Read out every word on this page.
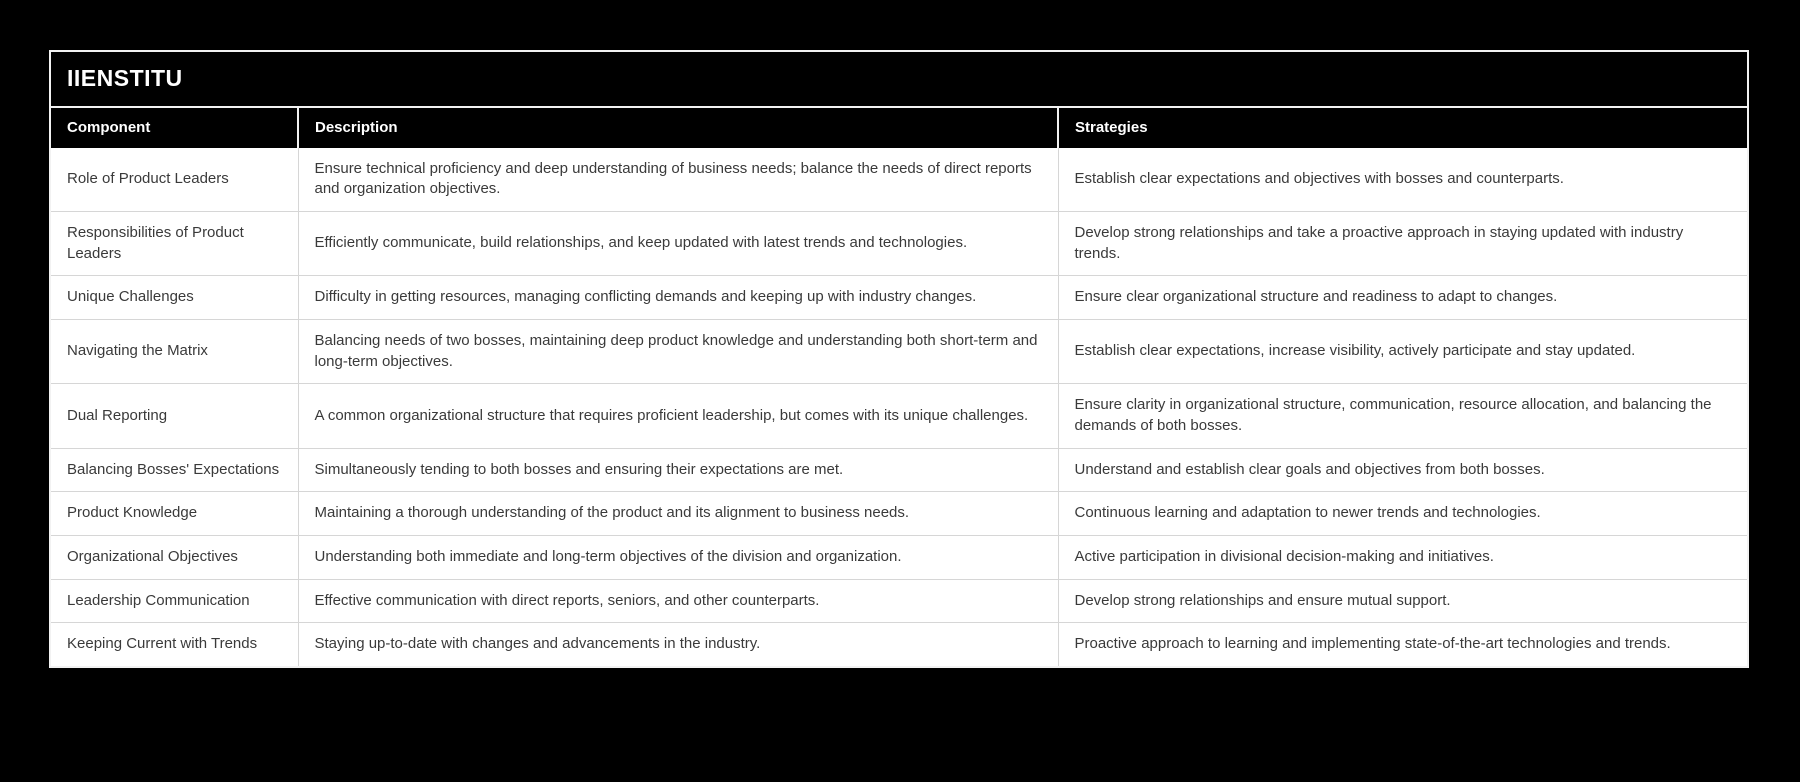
IIENSTITU
Component	Description	Strategies
Role of Product Leaders	Ensure technical proficiency and deep understanding of business needs; balance the needs of direct reports and organization objectives.	Establish clear expectations and objectives with bosses and counterparts.
Responsibilities of Product Leaders	Efficiently communicate, build relationships, and keep updated with latest trends and technologies.	Develop strong relationships and take a proactive approach in staying updated with industry trends.
Unique Challenges	Difficulty in getting resources, managing conflicting demands and keeping up with industry changes.	Ensure clear organizational structure and readiness to adapt to changes.
Navigating the Matrix	Balancing needs of two bosses, maintaining deep product knowledge and understanding both short-term and long-term objectives.	Establish clear expectations, increase visibility, actively participate and stay updated.
Dual Reporting	A common organizational structure that requires proficient leadership, but comes with its unique challenges.	Ensure clarity in organizational structure, communication, resource allocation, and balancing the demands of both bosses.
Balancing Bosses' Expectations	Simultaneously tending to both bosses and ensuring their expectations are met.	Understand and establish clear goals and objectives from both bosses.
Product Knowledge	Maintaining a thorough understanding of the product and its alignment to business needs.	Continuous learning and adaptation to newer trends and technologies.
Organizational Objectives	Understanding both immediate and long-term objectives of the division and organization.	Active participation in divisional decision-making and initiatives.
Leadership Communication	Effective communication with direct reports, seniors, and other counterparts.	Develop strong relationships and ensure mutual support.
Keeping Current with Trends	Staying up-to-date with changes and advancements in the industry.	Proactive approach to learning and implementing state-of-the-art technologies and trends.
